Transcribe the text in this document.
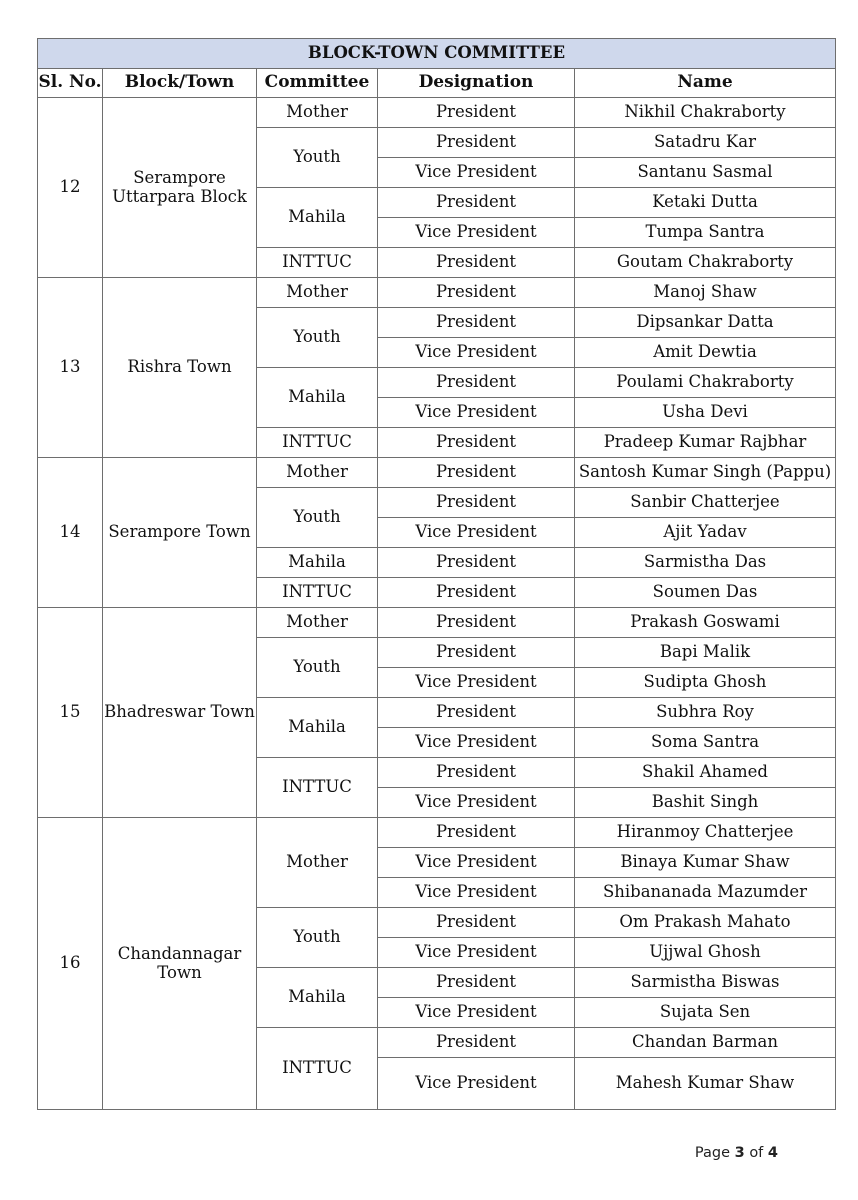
BLOCK-TOWN COMMITTEE				
Sl. No.	Block/Town	Committee	Designation	Name
12	Serampore Uttarpara Block	Mother	President	Nikhil Chakraborty
		Youth	President	Satadru Kar
			Vice President	Santanu Sasmal
		Mahila	President	Ketaki Dutta
			Vice President	Tumpa Santra
		INTTUC	President	Goutam Chakraborty
13	Rishra Town	Mother	President	Manoj Shaw
		Youth	President	Dipsankar Datta
			Vice President	Amit Dewtia
		Mahila	President	Poulami Chakraborty
			Vice President	Usha Devi
		INTTUC	President	Pradeep Kumar Rajbhar
14	Serampore Town	Mother	President	Santosh Kumar Singh (Pappu)
		Youth	President	Sanbir Chatterjee
			Vice President	Ajit Yadav
		Mahila	President	Sarmistha Das
		INTTUC	President	Soumen Das
15	Bhadreswar Town	Mother	President	Prakash Goswami
		Youth	President	Bapi Malik
			Vice President	Sudipta Ghosh
		Mahila	President	Subhra Roy
			Vice President	Soma Santra
		INTTUC	President	Shakil Ahamed
			Vice President	Bashit Singh
16	Chandannagar Town	Mother	President	Hiranmoy Chatterjee
			Vice President	Binaya Kumar Shaw
			Vice President	Shibananada Mazumder
		Youth	President	Om Prakash Mahato
			Vice President	Ujjwal Ghosh
		Mahila	President	Sarmistha Biswas
			Vice President	Sujata Sen
		INTTUC	President	Chandan Barman
			Vice President	Mahesh Kumar Shaw
Page 3 of 4
